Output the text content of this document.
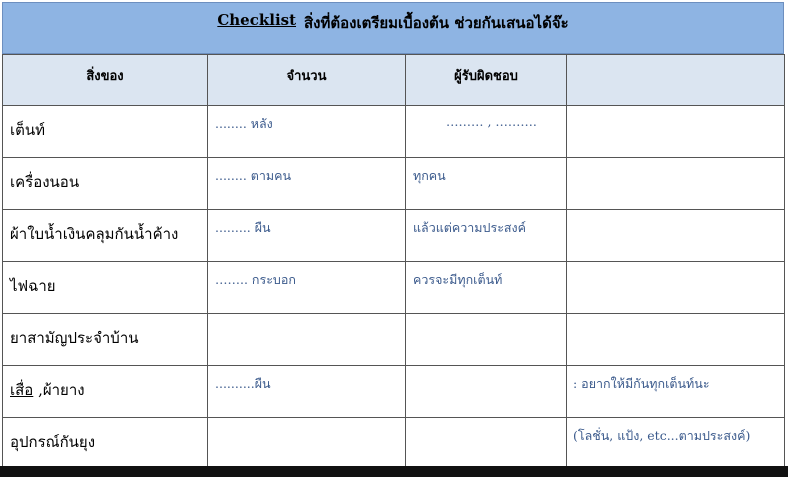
Checklist สิ่งที่ต้องเตรียมเบื้องต้น ช่วยกันเสนอได้จ๊ะ
สิ่งของ	จำนวน	ผู้รับผิดชอบ	
เต็นท์	........ หลัง	……… , ……….	
เครื่องนอน	........ ตามคน	ทุกคน	
ผ้าใบน้ำเงินคลุมกันน้ำค้าง	......... ผืน	แล้วแต่ความประสงค์	
ไฟฉาย	…….. กระบอก	ควรจะมีทุกเต็นท์	
ยาสามัญประจำบ้าน			
เสื่อ ,ผ้ายาง	..........ผืน		: อยากให้มีกันทุกเต็นท์นะ
อุปกรณ์กันยุง			(โลชั่น, แป้ง, etc...ตามประสงค์)
